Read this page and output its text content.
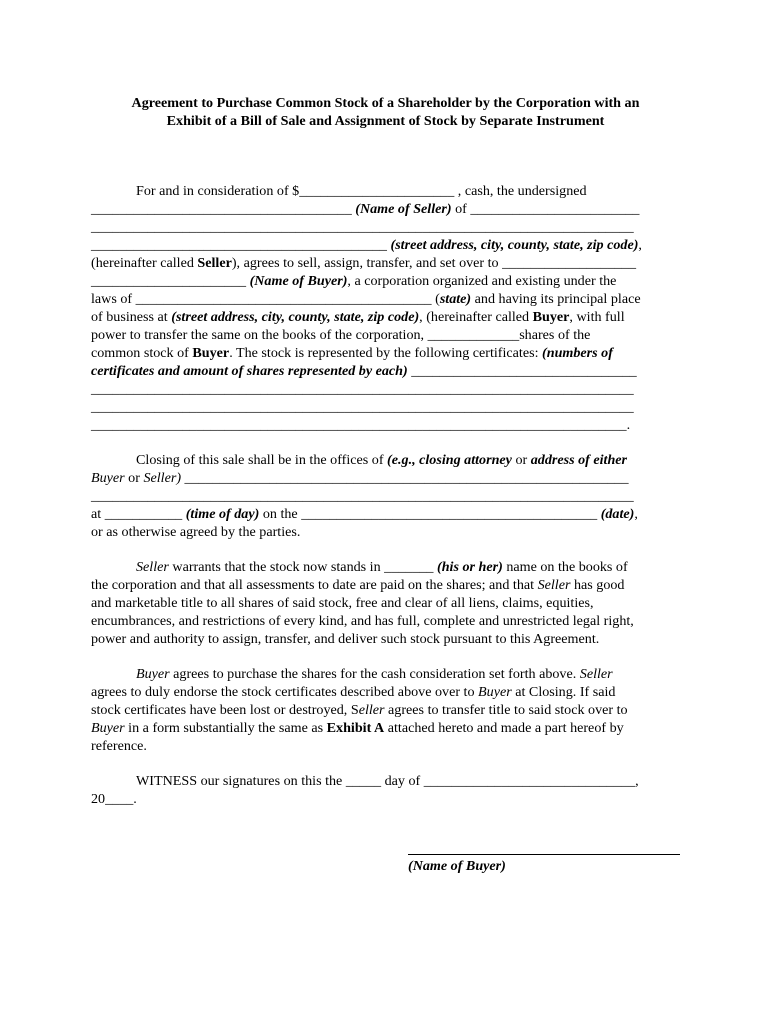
Agreement to Purchase Common Stock of a Shareholder by the Corporation with an
Exhibit of a Bill of Sale and Assignment of Stock by Separate Instrument
For and in consideration of $______________________ , cash, the undersigned
_____________________________________ (Name of Seller) of ________________________
_____________________________________________________________________________
__________________________________________ (street address, city, county, state, zip code),
(hereinafter called Seller), agrees to sell, assign, transfer, and set over to ___________________
______________________ (Name of Buyer), a corporation organized and existing under the
laws of __________________________________________ (state) and having its principal place
of business at (street address, city, county, state, zip code), (hereinafter called Buyer, with full
power to transfer the same on the books of the corporation, _____________shares of the
common stock of Buyer. The stock is represented by the following certificates: (numbers of
certificates and amount of shares represented by each) ________________________________
_____________________________________________________________________________
_____________________________________________________________________________
____________________________________________________________________________.
Closing of this sale shall be in the offices of (e.g., closing attorney or address of either
Buyer or Seller) _______________________________________________________________
_____________________________________________________________________________
at ___________ (time of day) on the __________________________________________ (date),
or as otherwise agreed by the parties.
Seller warrants that the stock now stands in _______ (his or her) name on the books of
the corporation and that all assessments to date are paid on the shares; and that Seller has good
and marketable title to all shares of said stock, free and clear of all liens, claims, equities,
encumbrances, and restrictions of every kind, and has full, complete and unrestricted legal right,
power and authority to assign, transfer, and deliver such stock pursuant to this Agreement.
Buyer agrees to purchase the shares for the cash consideration set forth above. Seller
agrees to duly endorse the stock certificates described above over to Buyer at Closing. If said
stock certificates have been lost or destroyed, Seller agrees to transfer title to said stock over to
Buyer in a form substantially the same as Exhibit A attached hereto and made a part hereof by
reference.
WITNESS our signatures on this the _____ day of ______________________________,
20____.
(Name of Buyer)
